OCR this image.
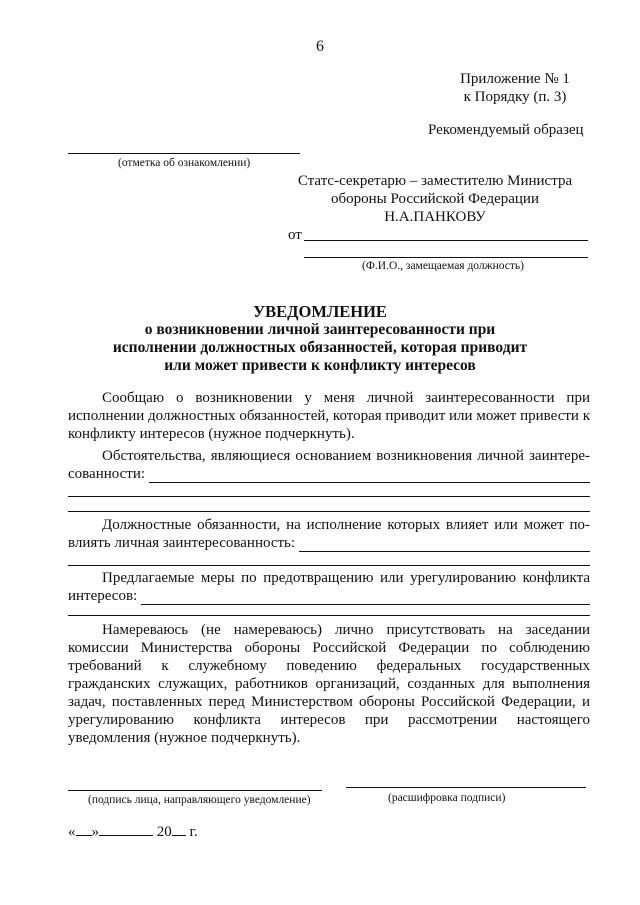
6
Приложение № 1
к Порядку (п. 3)
Рекомендуемый образец
(отметка об ознакомлении)
Статс-секретарю – заместителю Министра
обороны Российской Федерации
Н.А.ПАНКОВУ
от
(Ф.И.О., замещаемая должность)
УВЕДОМЛЕНИЕ
о возникновении личной заинтересованности при
исполнении должностных обязанностей, которая приводит
или может привести к конфликту интересов

Сообщаю о возникновении у меня личной заинтересованности при исполнении должностных обязанностей, которая приводит или может привести к конфликту интересов (нужное подчеркнуть).

Обстоятельства, являющиеся основанием возникновения личной заинтере-

сованности:

Должностные обязанности, на исполнение которых влияет или может по-

влиять личная заинтересованность:

Предлагаемые меры по предотвращению или урегулированию конфликта

интересов:

Намереваюсь (не намереваюсь) лично присутствовать на заседании комиссии Министерства обороны Российской Федерации по соблюдению требований к служебному поведению федеральных государственных гражданских служащих, работников организаций, созданных для выполнения задач, поставленных перед Министерством обороны Российской Федерации, и урегулированию конфликта интересов при рассмотрении настоящего уведомления (нужное подчеркнуть).

(подпись лица, направляющего уведомление)	(расшифровка подписи)
« »	20 г.
